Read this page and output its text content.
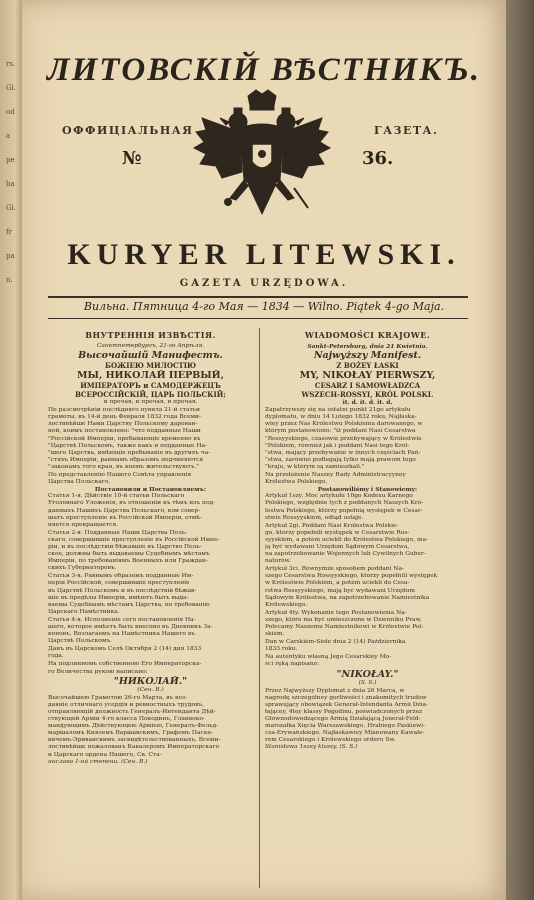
rs.
Gl.
od
a
pe
ba
Gl.
fr
pa
n.
ЛИТОВСКІЙ ВѢСТНИКЪ.
ОФФИЦІАЛЬНАЯ	ГАЗЕТА.
№	36.
KURYER LITEWSKI.
GAZETA URZĘDOWA.
Вильна. Пятница 4-го Мая — 1834 — Wilno. Piątek 4-go Maja.
ВНУТРЕННІЯ ИЗВѢСТІЯ.
Санктпетербургъ, 21-го Апрѣля.
Высочайшій Манифестъ.
БОЖІЕЮ МИЛОСТІЮ
МЫ, НИКОЛАЙ ПЕРВЫЙ,
ИМПЕРАТОРЪ и САМОДЕРЖЕЦЪ
ВСЕРОССІЙСКІЙ, ЦАРЬ ПОЛЬСКІЙ;
и прочая, и прочая, и прочая.
По разсмотрѣніи послѣдняго пункта 21-й статьи
грамоты, въ 14-й день Февраля 1832 года Всеми-
лостивѣйше Нами Царству Польскому дарован-
ной, коимъ постановлено: "что подданные Наши
"Россійской Имперіи, пребывающіе временно въ
"Царствѣ Польскомъ, также какъ и подданные На-
"шего Царства, имѣющіе пребываніе въ другихъ ча-
"стяхъ Имперіи, равнымъ образомъ подчиняются
"законамъ того края, въ коемъ жительствуютъ."
По представленію Нашего Совѣта управленія
Царства Польскаго,
Постановили и Постановляемъ:
Статья 1-я. Дѣйствіе 10-й статьи Польскаго
Уголовнаго Уложенія, въ отношеніи къ тѣмъ изъ под-
данныхъ Нашихъ Царства Польскаго, кои совер-
шатъ преступленіе въ Россійской Имперіи, отмѣ-
няется прекращается.
Статья 2-я. Подданные Наши Царства Поль-
скаго, совершившіе преступленіе въ Россійской Импе-
ріи, и въ послѣдствіи бѣжавшіе въ Царство Поль-
ское, должны быть выдаваемы Судебнымъ мѣстамъ
Имперіи, по требованіямъ Военныхъ или Граждан-
скихъ Губернаторовъ.
Статья 3-я. Равнымъ образомъ подданные Им-
періи Россійской, совершившіе преступленіе
въ Царствѣ Польскомъ и въ послѣдствіи бѣжав-
шіе въ предѣлы Имперіи, имѣютъ быть выда-
ваемы Судебнымъ мѣстамъ Царства, по требованію
Царскаго Намѣстника.
Статья 4-я. Исполненіе сего постановленія На-
шего, которое имѣетъ быть внесено въ Дневникъ За-
коновъ, Возлагаемъ на Намѣстника Нашего въ
Царствѣ Польскомъ.
Данъ въ Царскомъ Селѣ Октября 2 (14) дня 1833
года.
На подлинномъ собственною Его Императорска-
го Величества рукою написано:
"НИКОЛАЙ."
(Сен. В.)
Высочайшею Грамотою 26-го Марта, въ воз-
даяніе отличнаго усердія и ревностныхъ трудовъ,
отправляющій должность Генералъ-Интенданта Дѣй-
ствующей Арміи 4-го класса Покодинъ, Главноко-
мандующимъ Дѣйствующею Арміею, Генералъ-Фельд-
маршаломъ Княземъ Варшавскимъ, Графомъ Паске-
вичемъ-Эриванскимъ засвидѣтельствованныхъ, Всеми-
лостивѣйше пожалованъ Кавалеромъ Императорскаго
и Царскаго ордена Нашего, Св. Ста-
нислава 1-ой степени. (Сен. В.)
WIADOMOŚCI KRAJOWE.
Sankt-Petersburg, dnia 21 Kwietnia.
Najwyższy Manifest.
Z BOŻEY ŁASKI
MY, NIKOŁAY PIERWSZY,
CESARZ I SAMOWŁADZCA
WSZECH-ROSSYI, KRÓL POLSKI.
it. d. it. d. it. d.
Zapatrzywszy się na ostatni punkt 21go artykułu
dyplomatu, w dniu 14 Lutego 1832 roku, Najłaska-
wiey przez Nas Królestwu Polskiemu darowanego, w
którym postanowiono: "iż poddani Nasi Cesarstwa
"Rossyyskiego, czasowie przebywający w Królestwie
"Polskiem, również jak i poddani Nasi tego Król-
"stwa, mający przebywanie w innych częściach Pań-
"stwa, zarówno podlegają tylko mają prawom tego
"kraju, w którym są zamieszkali."
Na przełożenie Naszey Rady Administracyyney
Królestwa Polskiego,
Postanowiliśmy i Stanowiemy:
Artykuł 1szy. Moc artykułu 10go Kodexu Karnego
Polskiego, względnie tych z poddanych Naszych Kró-
lestwa Polskiego, którzy popełnią występek w Cesar-
stwie Rossyyskiém, odtąd ustaje.
Artykuł 2gi. Poddani Nasi Królestwa Polskie-
go, którzy popełnili występek w Cesarstwie Ros-
syyskiém, a potém uciekli do Królestwa Polskiego, ma-
ją być wydawani Urzędom Sądowym Cesarstwa,
na zapotrzebowanie Wojennych lub Cywilnych Guber-
natorów.
Artykuł 3ci. Równymże sposobem poddani Na-
szego Cesarstwa Rossyyskiego, którzy popełnili występek
w Królestwie Polskiém, a potém uciekli do Cesa-
rstwa Rossyyskiego, mają być wydawani Urzędom
Sądowym Królestwa, na zapotrzebowanie Namiestnika
Królewskiego.
Artykuł 4ty. Wykonanie tego Postanowienia Na-
szego, które ma być umieszczone w Dzienniku Praw,
Polecamy Naszemu Namiestnikowi w Królestwie Pol-
skiém.
Dan w Carskiém-Siole dnia 2 (14) Października
1833 roku.
Na autentyku własną Jego Cesarskiey Mo-
ści ręką napisano:
"NIKOŁAY."
(S. S.)
Przez Najwyższy Dyplomat z dnia 26 Marca, w
nagrodę szczególney gorliwości i znakomitych trudów
sprawujący obowiązek Generał-Intendanta Armii Dzia-
łającey, 4tey klassy Pogodinu, poświadczonych przez
Głównodowodzącego Armią Działającą Jenerał-Feld-
marszałka Xięcia Warszawskiego, Hrabiego Paskiewi-
cza-Erywańskiego, Najłaskawiey Mianowany Kawale-
rem Cesarskiego i Królewskiego orderu Sw.
Stanisława 1szey klassy. (S. S.)
